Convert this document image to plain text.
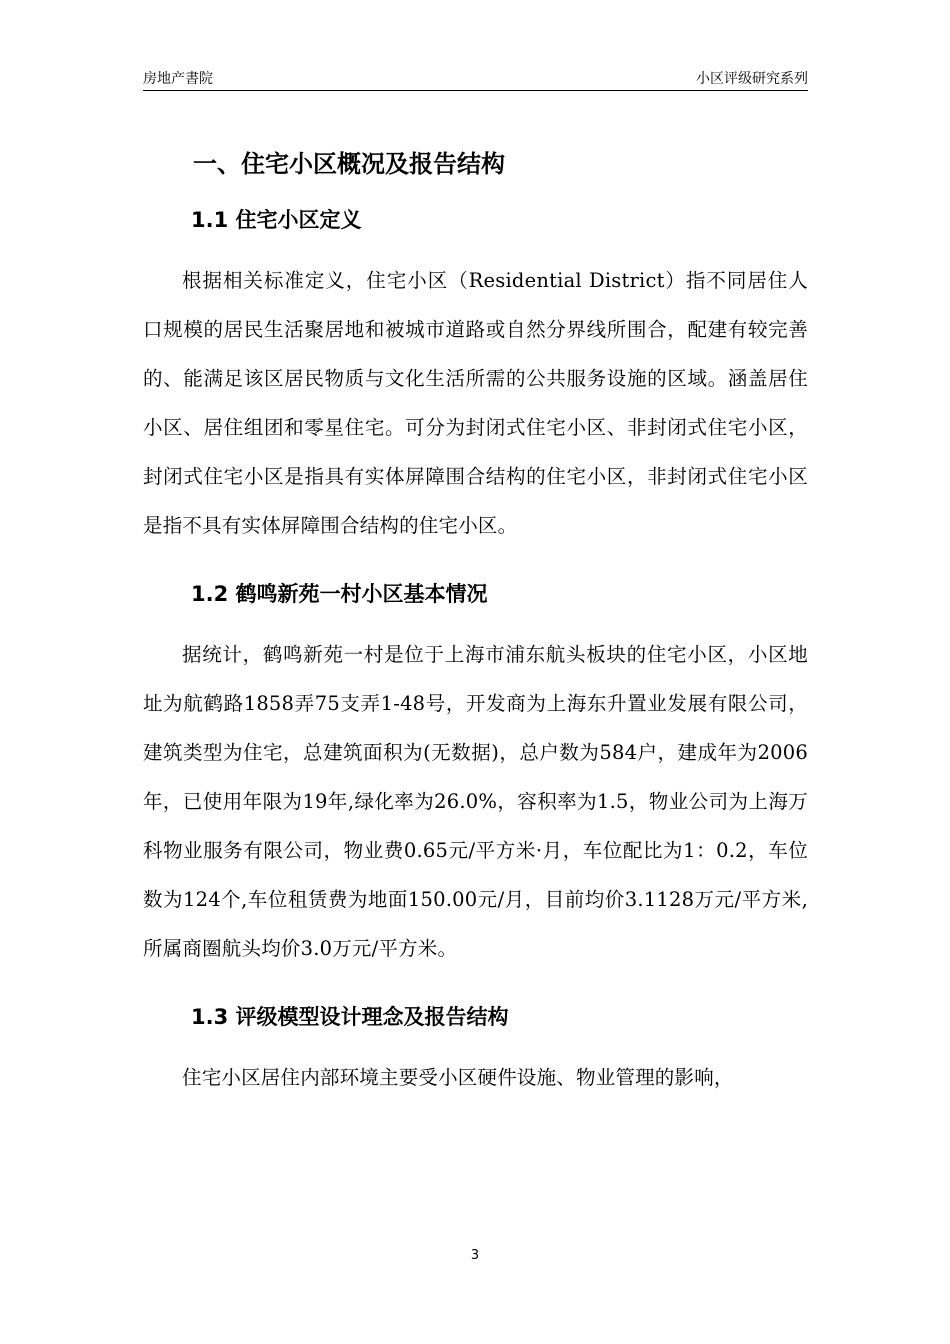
房地产書院	小区评级研究系列
一、住宅小区概况及报告结构
1.1 住宅小区定义

根据相关标准定义，住宅小区（Residential District）指不同居住人口规模的居民生活聚居地和被城市道路或自然分界线所围合，配建有较完善的、能满足该区居民物质与文化生活所需的公共服务设施的区域。涵盖居住小区、居住组团和零星住宅。可分为封闭式住宅小区、非封闭式住宅小区，封闭式住宅小区是指具有实体屏障围合结构的住宅小区，非封闭式住宅小区是指不具有实体屏障围合结构的住宅小区。

1.2 鹤鸣新苑一村小区基本情况

据统计，鹤鸣新苑一村是位于上海市浦东航头板块的住宅小区，小区地址为航鹤路1858弄75支弄1-48号，开发商为上海东升置业发展有限公司，建筑类型为住宅，总建筑面积为(无数据)，总户数为584户，建成年为2006年，已使用年限为19年,绿化率为26.0%，容积率为1.5，物业公司为上海万科物业服务有限公司，物业费0.65元/平方米·月，车位配比为1：0.2，车位数为124个,车位租赁费为地面150.00元/月，目前均价3.1128万元/平方米,所属商圈航头均价3.0万元/平方米。

1.3 评级模型设计理念及报告结构

住宅小区居住内部环境主要受小区硬件设施、物业管理的影响，

3
